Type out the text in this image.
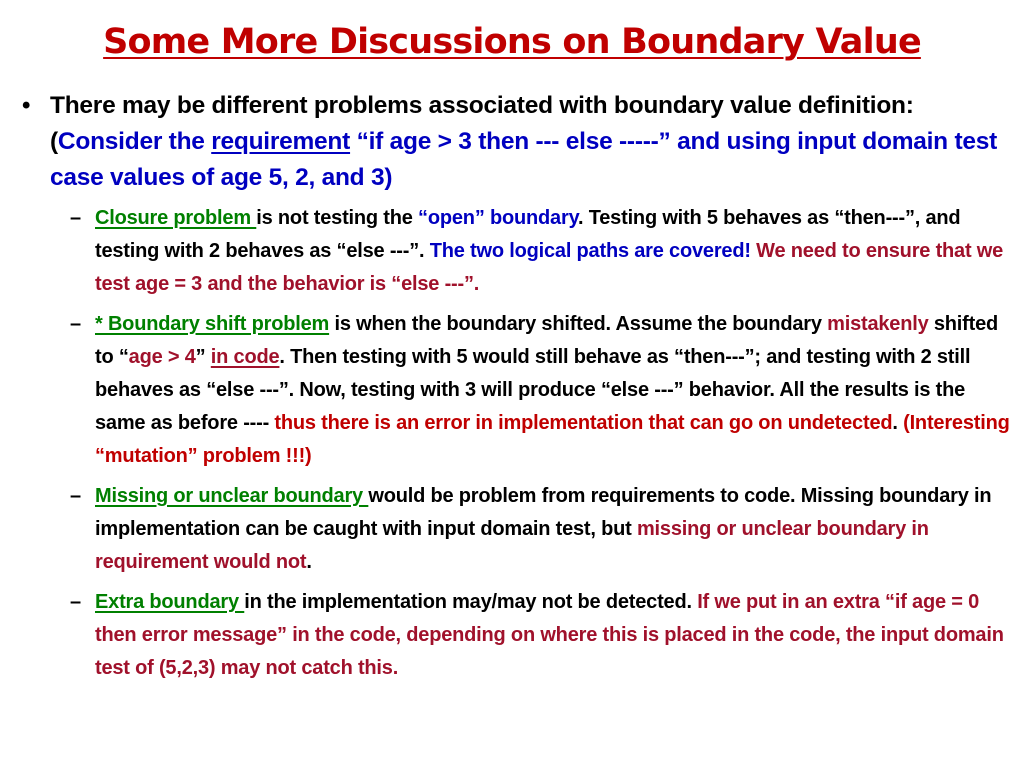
Some More Discussions on Boundary Value
• There may be different problems associated with boundary value definition: (Consider the requirement “if age > 3 then --- else -----” and using input domain test case values of age 5, 2, and 3)
– Closure problem is not testing the “open” boundary. Testing with 5 behaves as “then---”, and testing with 2 behaves as “else ---”. The two logical paths are covered! We need to ensure that we test age = 3 and the behavior is “else ---”.
– * Boundary shift problem is when the boundary shifted. Assume the boundary mistakenly shifted to “age > 4” in code. Then testing with 5 would still behave as “then---”; and testing with 2 still behaves as “else ---”. Now, testing with 3 will produce “else ---” behavior. All the results is the same as before ---- thus there is an error in implementation that can go on undetected. (Interesting “mutation” problem !!!)
– Missing or unclear boundary would be problem from requirements to code. Missing boundary in implementation can be caught with input domain test, but missing or unclear boundary in requirement would not.
– Extra boundary in the implementation may/may not be detected. If we put in an extra “if age = 0 then error message” in the code, depending on where this is placed in the code, the input domain test of (5,2,3) may not catch this.
